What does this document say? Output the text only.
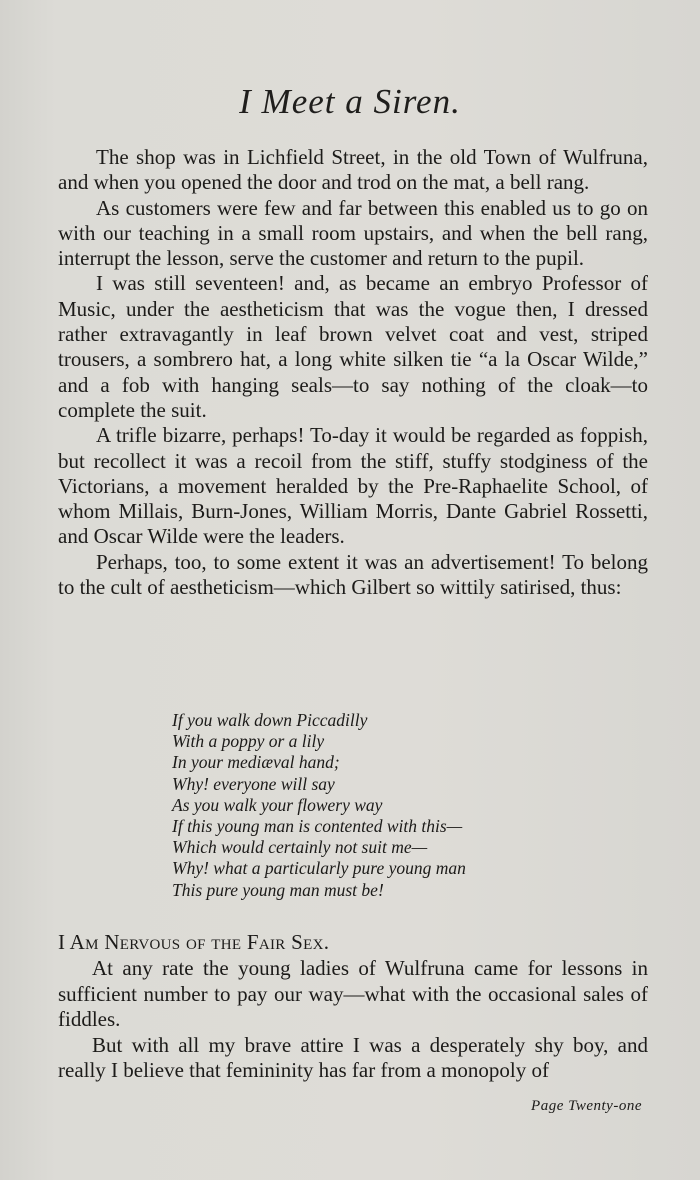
I Meet a Siren.

The shop was in Lichfield Street, in the old Town of Wulfruna, and when you opened the door and trod on the mat, a bell rang.

As customers were few and far between this enabled us to go on with our teaching in a small room upstairs, and when the bell rang, interrupt the lesson, serve the customer and return to the pupil.

I was still seventeen! and, as became an embryo Professor of Music, under the aestheticism that was the vogue then, I dressed rather extravagantly in leaf brown velvet coat and vest, striped trousers, a sombrero hat, a long white silken tie “a la Oscar Wilde,” and a fob with hanging seals—to say nothing of the cloak—to complete the suit.

A trifle bizarre, perhaps! To-day it would be regarded as foppish, but recollect it was a recoil from the stiff, stuffy stodginess of the Victorians, a movement heralded by the Pre-Raphaelite School, of whom Millais, Burn-Jones, William Morris, Dante Gabriel Rossetti, and Oscar Wilde were the leaders.

Perhaps, too, to some extent it was an advertisement! To belong to the cult of aestheticism—which Gilbert so wittily satirised, thus:

If you walk down Piccadilly
With a poppy or a lily
In your mediæval hand;
Why! everyone will say
As you walk your flowery way
If this young man is contented with this—
Which would certainly not suit me—
Why! what a particularly pure young man
This pure young man must be!
I Am Nervous of the Fair Sex.

At any rate the young ladies of Wulfruna came for lessons in sufficient number to pay our way—what with the occasional sales of fiddles.

But with all my brave attire I was a desperately shy boy, and really I believe that femininity has far from a monopoly of

Page Twenty-one
